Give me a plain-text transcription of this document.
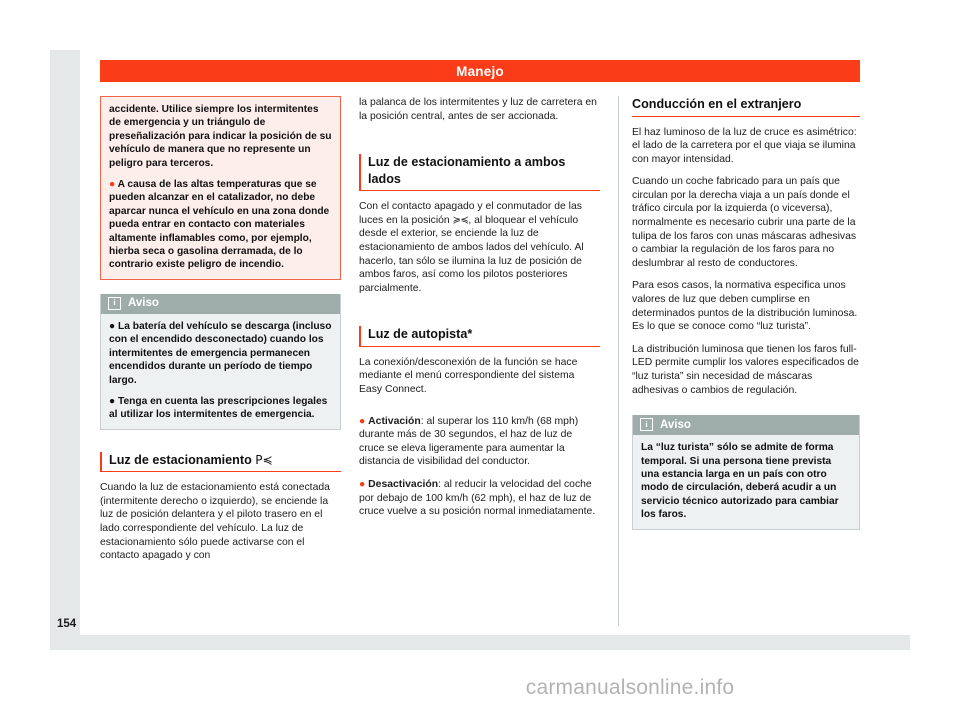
Manejo

accidente. Utilice siempre los intermitentes de emergencia y un triángulo de preseñalización para indicar la posición de su vehículo de manera que no represente un peligro para terceros.

● A causa de las altas temperaturas que se pueden alcanzar en el catalizador, no debe aparcar nunca el vehículo en una zona donde pueda entrar en contacto con materiales altamente inflamables como, por ejemplo, hierba seca o gasolina derramada, de lo contrario existe peligro de incendio.

i	Aviso

● La batería del vehículo se descarga (incluso con el encendido desconectado) cuando los intermitentes de emergencia permanecen encendidos durante un período de tiempo largo.

● Tenga en cuenta las prescripciones legales al utilizar los intermitentes de emergencia.

Luz de estacionamiento P≼

Cuando la luz de estacionamiento está conectada (intermitente derecho o izquierdo), se enciende la luz de posición delantera y el piloto trasero en el lado correspondiente del vehículo. La luz de estacionamiento sólo puede activarse con el contacto apagado y con

la palanca de los intermitentes y luz de carretera en la posición central, antes de ser accionada.

Luz de estacionamiento a ambos lados

Con el contacto apagado y el conmutador de las luces en la posición ≽≼, al bloquear el vehículo desde el exterior, se enciende la luz de estacionamiento de ambos lados del vehículo. Al hacerlo, tan sólo se ilumina la luz de posición de ambos faros, así como los pilotos posteriores parcialmente.

Luz de autopista*

La conexión/desconexión de la función se hace mediante el menú correspondiente del sistema Easy Connect.

● Activación: al superar los 110 km/h (68 mph) durante más de 30 segundos, el haz de luz de cruce se eleva ligeramente para aumentar la distancia de visibilidad del conductor.

● Desactivación: al reducir la velocidad del coche por debajo de 100 km/h (62 mph), el haz de luz de cruce vuelve a su posición normal inmediatamente.

Conducción en el extranjero

El haz luminoso de la luz de cruce es asimétrico: el lado de la carretera por el que viaja se ilumina con mayor intensidad.

Cuando un coche fabricado para un país que circulan por la derecha viaja a un país donde el tráfico circula por la izquierda (o viceversa), normalmente es necesario cubrir una parte de la tulipa de los faros con unas máscaras adhesivas o cambiar la regulación de los faros para no deslumbrar al resto de conductores.

Para esos casos, la normativa especifica unos valores de luz que deben cumplirse en determinados puntos de la distribución luminosa. Es lo que se conoce como “luz turista”.

La distribución luminosa que tienen los faros full-LED permite cumplir los valores especificados de “luz turista” sin necesidad de máscaras adhesivas o cambios de regulación.

i	Aviso

La “luz turista” sólo se admite de forma temporal. Si una persona tiene prevista una estancia larga en un país con otro modo de circulación, deberá acudir a un servicio técnico autorizado para cambiar los faros.

154
carmanualsonline.info
